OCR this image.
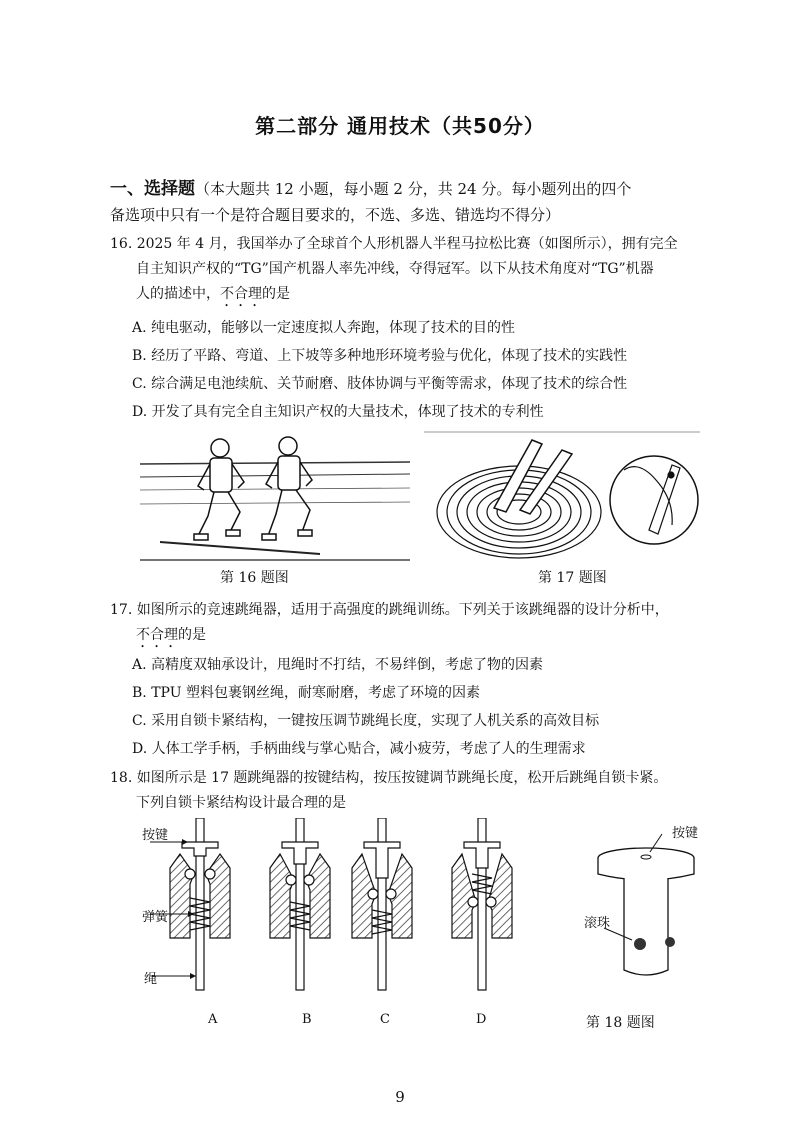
第二部分 通用技术（共50分）
一、选择题（本大题共 12 小题，每小题 2 分，共 24 分。每小题列出的四个
备选项中只有一个是符合题目要求的，不选、多选、错选均不得分）
16. 2025 年 4 月，我国举办了全球首个人形机器人半程马拉松比赛（如图所示），拥有完全
自主知识产权的“TG”国产机器人率先冲线，夺得冠军。以下从技术角度对“TG”机器
人的描述中，不合理的是
A. 纯电驱动，能够以一定速度拟人奔跑，体现了技术的目的性
B. 经历了平路、弯道、上下坡等多种地形环境考验与优化，体现了技术的实践性
C. 综合满足电池续航、关节耐磨、肢体协调与平衡等需求，体现了技术的综合性
D. 开发了具有完全自主知识产权的大量技术，体现了技术的专利性
第 16 题图	第 17 题图
17. 如图所示的竞速跳绳器，适用于高强度的跳绳训练。下列关于该跳绳器的设计分析中，
不合理的是
A. 高精度双轴承设计，甩绳时不打结，不易绊倒，考虑了物的因素
B. TPU 塑料包裹钢丝绳，耐寒耐磨，考虑了环境的因素
C. 采用自锁卡紧结构，一键按压调节跳绳长度，实现了人机关系的高效目标
D. 人体工学手柄，手柄曲线与掌心贴合，减小疲劳，考虑了人的生理需求
18. 如图所示是 17 题跳绳器的按键结构，按压按键调节跳绳长度，松开后跳绳自锁卡紧。
下列自锁卡紧结构设计最合理的是
按键
弹簧
绳
A	B	C	D
按键
滚珠
第 18 题图
9
